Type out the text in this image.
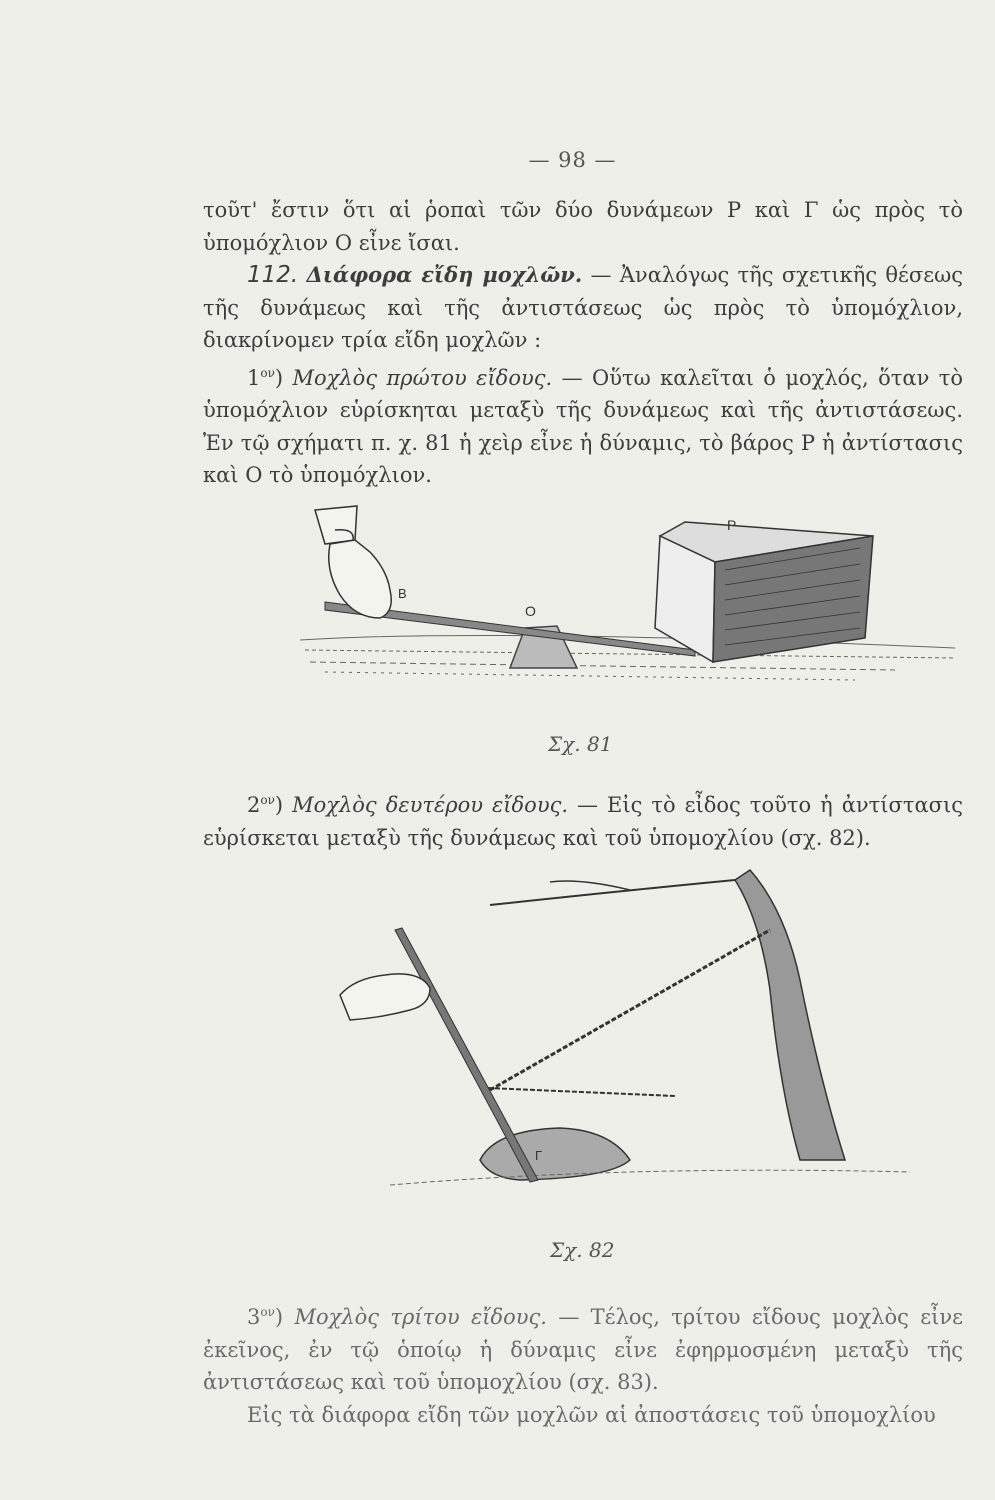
— 98 —

τοῦτ' ἔστιν ὅτι αἱ ῥοπαὶ τῶν δύο δυνάμεων P καὶ Γ ὡς πρὸς τὸ ὑπομόχλιον Ο εἶνε ἴσαι.

112. Διάφορα εἴδη μοχλῶν. — Ἀναλόγως τῆς σχετικῆς θέσεως τῆς δυνάμεως καὶ τῆς ἀντιστάσεως ὡς πρὸς τὸ ὑπομόχλιον, διακρίνομεν τρία εἴδη μοχλῶν :

$1^{o\nu}$) Μοχλὸς πρώτου εἴδους. — Οὕτω καλεῖται ὁ μοχλός, ὅταν τὸ ὑπομόχλιον εὑρίσκηται μεταξὺ τῆς δυνάμεως καὶ τῆς ἀντιστάσεως. Ἐν τῷ σχήματι π. χ. 81 ἡ χεὶρ εἶνε ἡ δύναμις, τὸ βάρος P ἡ ἀντίστασις καὶ Ο τὸ ὑπομόχλιον.

B
O
P
Σχ. 81

$2^{o\nu}$) Μοχλὸς δευτέρου εἴδους. — Εἰς τὸ εἶδος τοῦτο ἡ ἀντίστασις εὑρίσκεται μεταξὺ τῆς δυνάμεως καὶ τοῦ ὑπομοχλίου (σχ. 82).

Γ
Σχ. 82

$3^{o\nu}$) Μοχλὸς τρίτου εἴδους. — Τέλος, τρίτου εἴδους μοχλὸς εἶνε ἐκεῖνος, ἐν τῷ ὁποίῳ ἡ δύναμις εἶνε ἐφηρμοσμένη μεταξὺ τῆς ἀντιστάσεως καὶ τοῦ ὑπομοχλίου (σχ. 83).

Εἰς τὰ διάφορα εἴδη τῶν μοχλῶν αἱ ἀποστάσεις τοῦ ὑπομοχλίου
